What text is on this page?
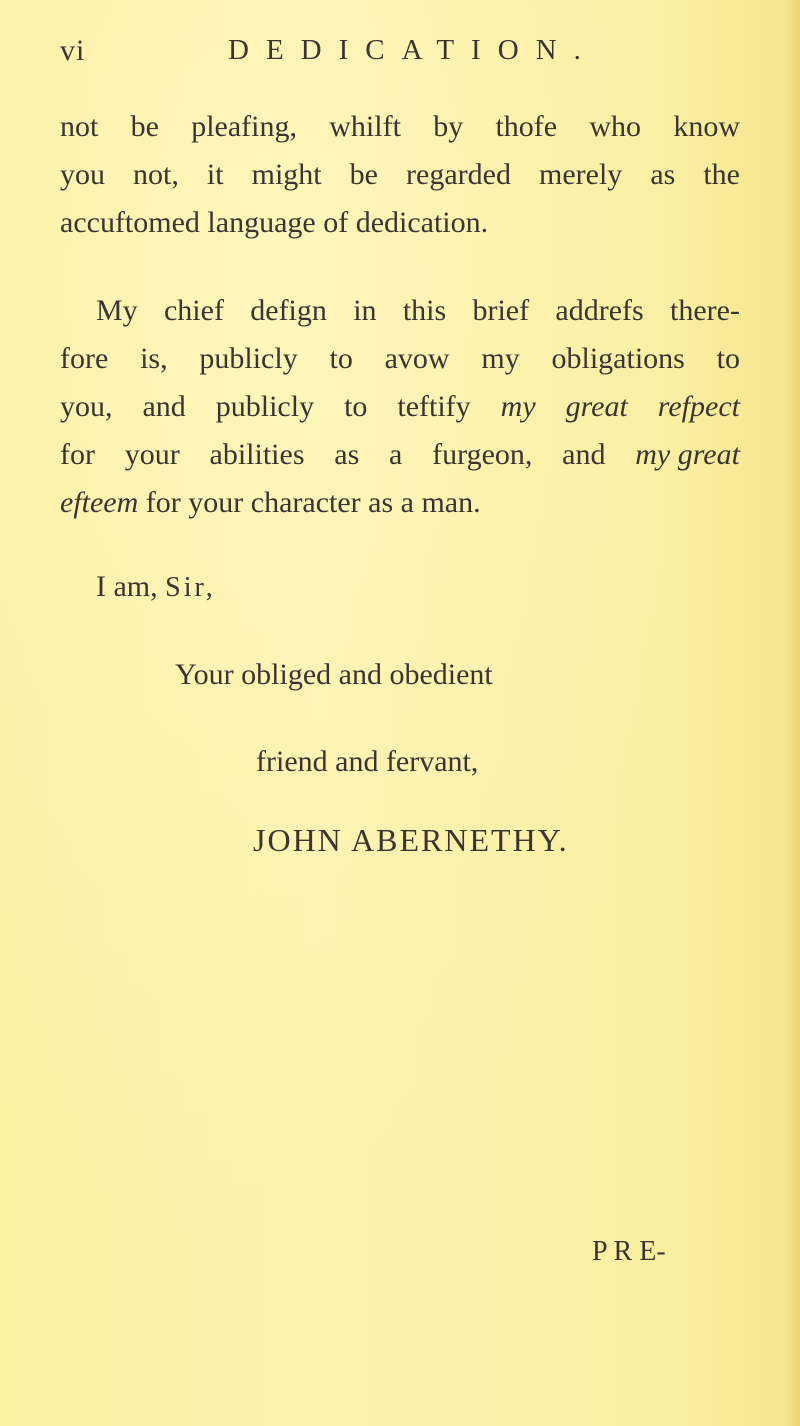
vi	DEDICATION.
not be pleafing, whilft by thofe who know
you not, it might be regarded merely as the
accuftomed language of dedication.
My chief defign in this brief addrefs there-
fore is, publicly to avow my obligations to
you, and publicly to teftify my great refpect
for your abilities as a furgeon, and my great
efteem for your character as a man.
I am, Sir,
Your obliged and obedient
friend and fervant,
JOHN ABERNETHY.
P R E-
